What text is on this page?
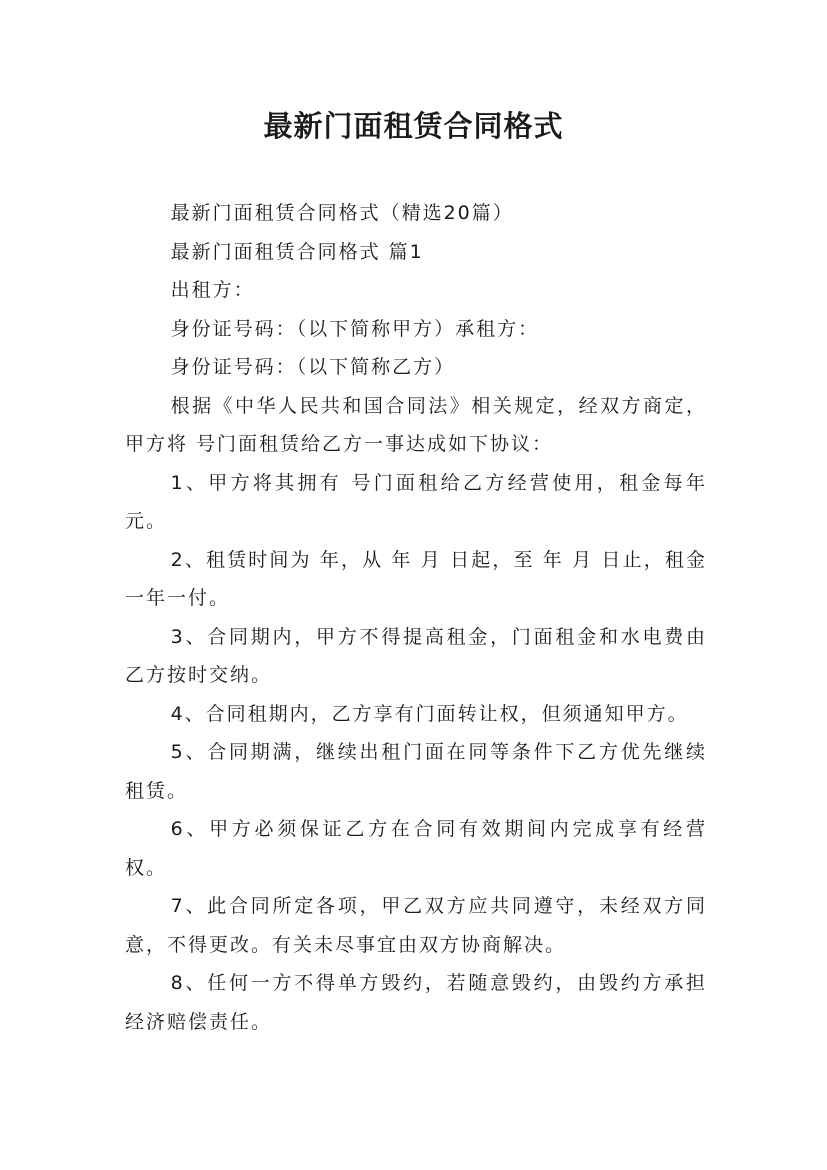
最新门面租赁合同格式

最新门面租赁合同格式（精选20篇）

最新门面租赁合同格式 篇1

出租方：

身份证号码：（以下简称甲方）承租方：

身份证号码：（以下简称乙方）

根据《中华人民共和国合同法》相关规定，经双方商定，甲方将 号门面租赁给乙方一事达成如下协议：

1、甲方将其拥有 号门面租给乙方经营使用，租金每年 元。

2、租赁时间为 年，从 年 月 日起，至 年 月 日止，租金一年一付。

3、合同期内，甲方不得提高租金，门面租金和水电费由乙方按时交纳。

4、合同租期内，乙方享有门面转让权，但须通知甲方。

5、合同期满，继续出租门面在同等条件下乙方优先继续租赁。

6、甲方必须保证乙方在合同有效期间内完成享有经营权。

7、此合同所定各项，甲乙双方应共同遵守，未经双方同意，不得更改。有关未尽事宜由双方协商解决。

8、任何一方不得单方毁约，若随意毁约，由毁约方承担经济赔偿责任。
